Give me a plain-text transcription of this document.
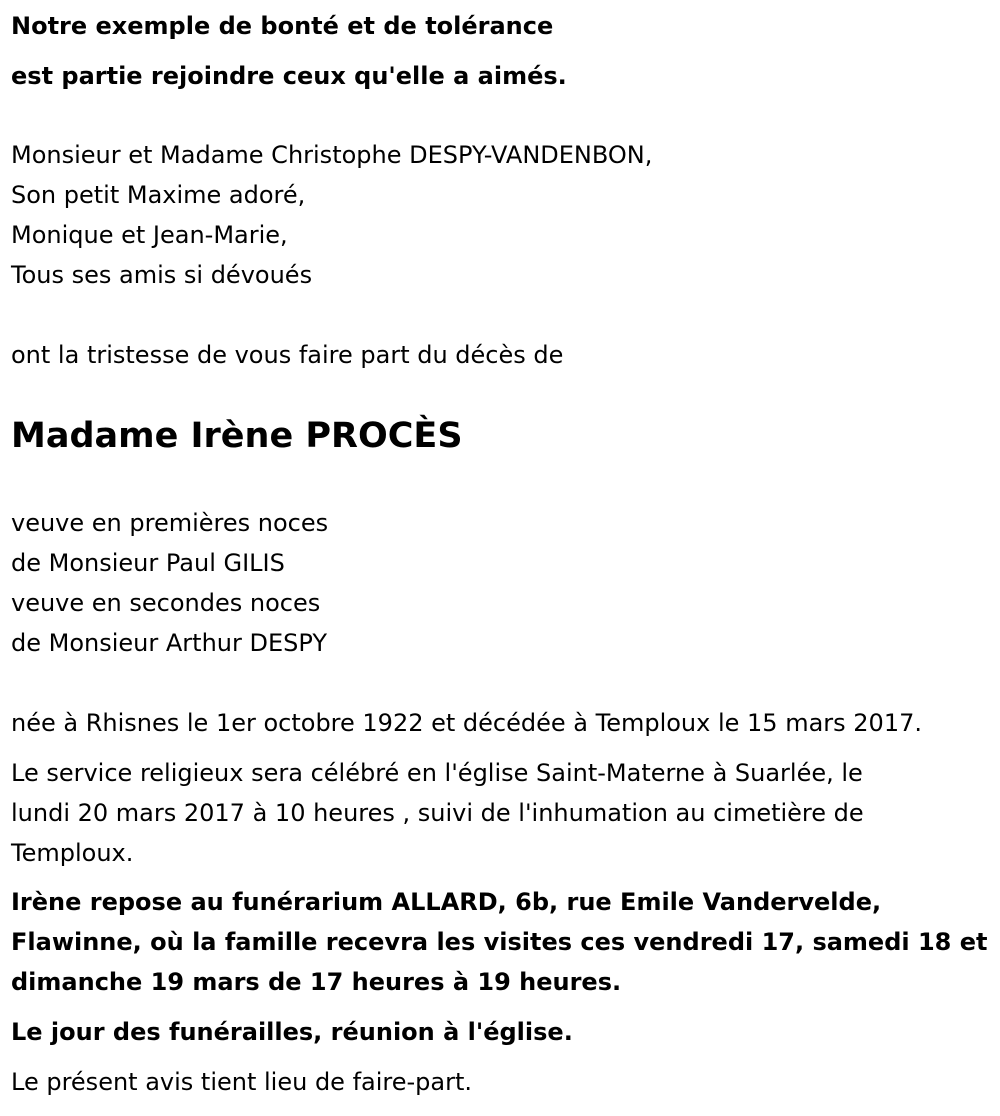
Notre exemple de bonté et de tolérance

est partie rejoindre ceux qu'elle a aimés.

Monsieur et Madame Christophe DESPY-VANDENBON,

Son petit Maxime adoré,

Monique et Jean-Marie,

Tous ses amis si dévoués

ont la tristesse de vous faire part du décès de

Madame Irène PROCÈS

veuve en premières noces

de Monsieur Paul GILIS

veuve en secondes noces

de Monsieur Arthur DESPY

née à Rhisnes le 1er octobre 1922 et décédée à Temploux le 15 mars 2017.

Le service religieux sera célébré en l'église Saint-Materne à Suarlée, le

lundi 20 mars 2017 à 10 heures , suivi de l'inhumation au cimetière de

Temploux.

Irène repose au funérarium ALLARD, 6b, rue Emile Vandervelde,

Flawinne, où la famille recevra les visites ces vendredi 17, samedi 18 et

dimanche 19 mars de 17 heures à 19 heures.

Le jour des funérailles, réunion à l'église.

Le présent avis tient lieu de faire-part.
